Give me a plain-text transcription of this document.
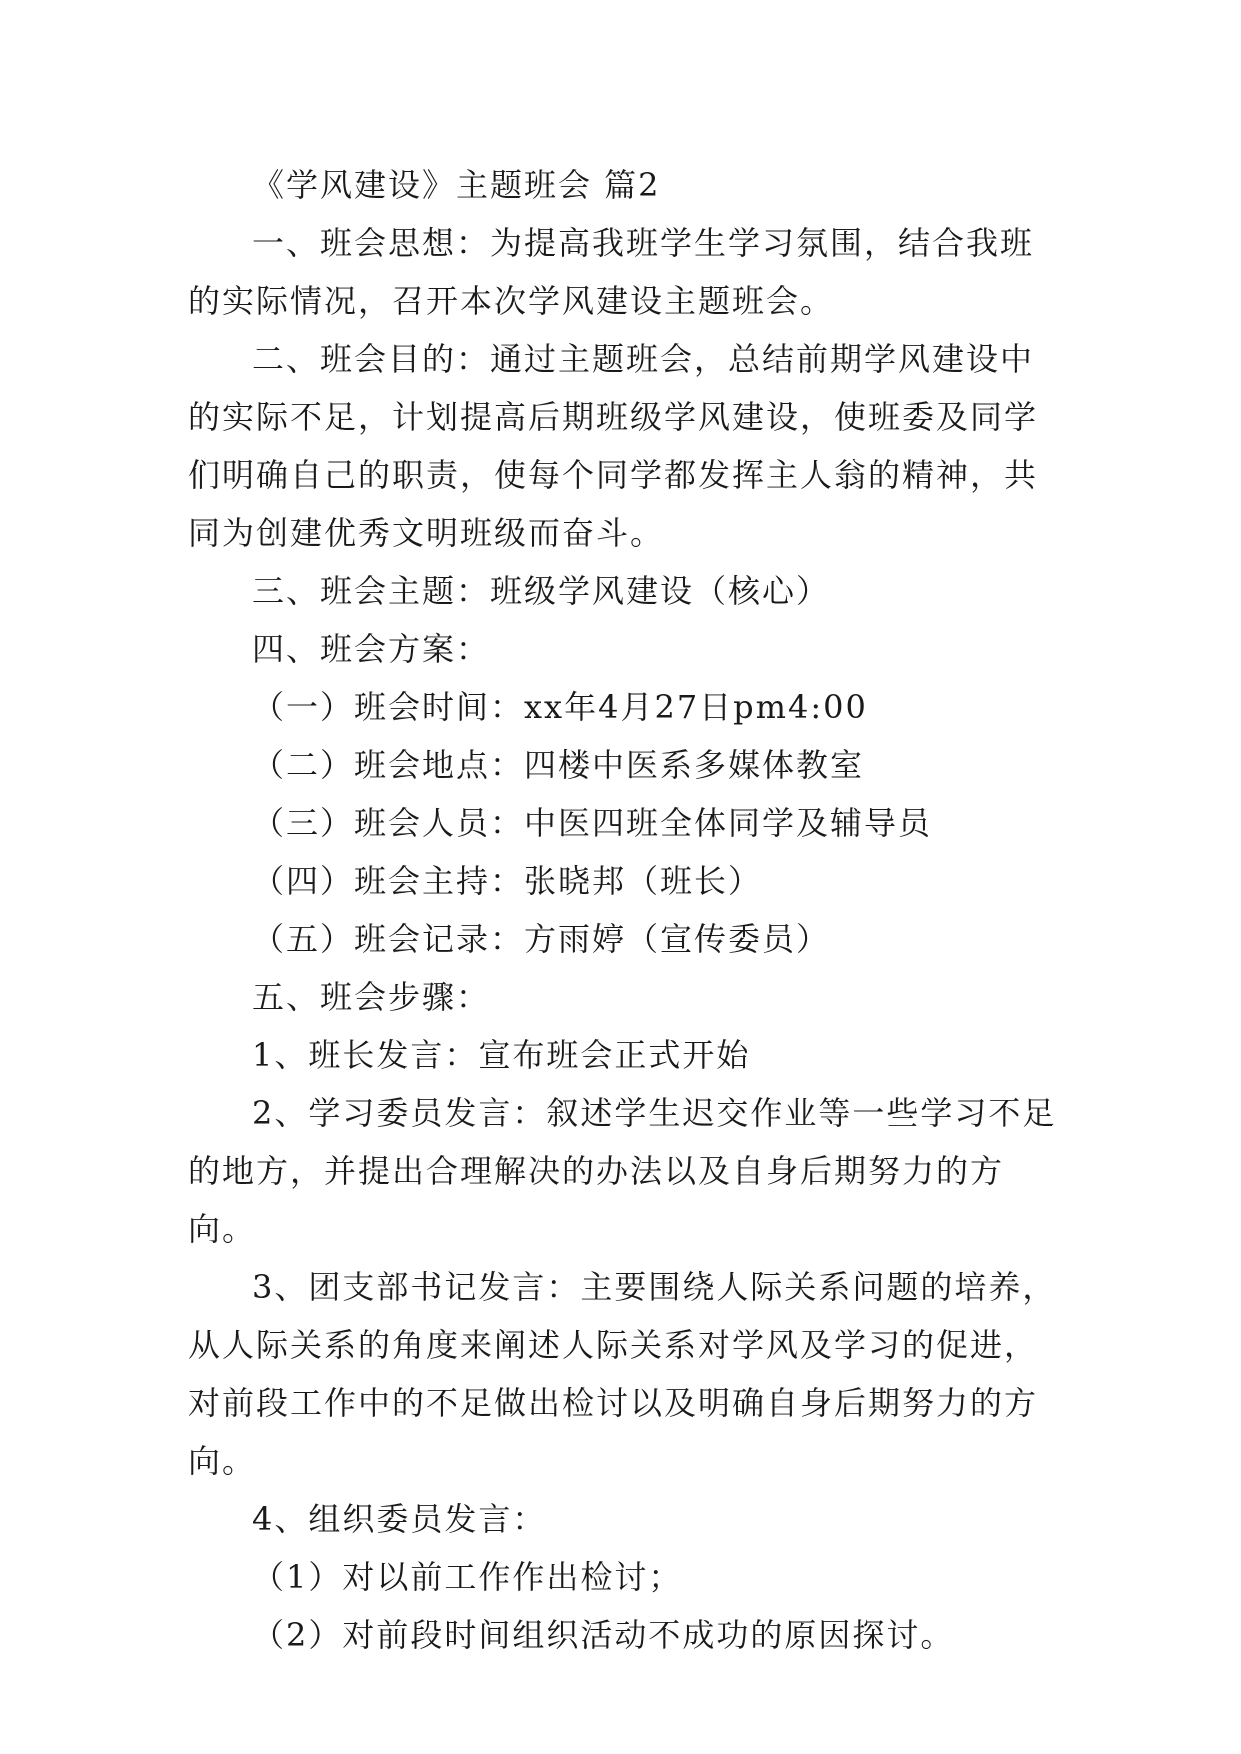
《学风建设》主题班会 篇2

一、班会思想：为提高我班学生学习氛围，结合我班的实际情况，召开本次学风建设主题班会。

二、班会目的：通过主题班会，总结前期学风建设中的实际不足，计划提高后期班级学风建设，使班委及同学们明确自己的职责，使每个同学都发挥主人翁的精神，共同为创建优秀文明班级而奋斗。

三、班会主题：班级学风建设（核心）

四、班会方案：

（一）班会时间：xx年4月27日pm4:00

（二）班会地点：四楼中医系多媒体教室

（三）班会人员：中医四班全体同学及辅导员

（四）班会主持：张晓邦（班长）

（五）班会记录：方雨婷（宣传委员）

五、班会步骤：

1、班长发言：宣布班会正式开始

2、学习委员发言：叙述学生迟交作业等一些学习不足的地方，并提出合理解决的办法以及自身后期努力的方向。

3、团支部书记发言：主要围绕人际关系问题的培养，从人际关系的角度来阐述人际关系对学风及学习的促进，对前段工作中的不足做出检讨以及明确自身后期努力的方向。

4、组织委员发言：

（1）对以前工作作出检讨；

（2）对前段时间组织活动不成功的原因探讨。
